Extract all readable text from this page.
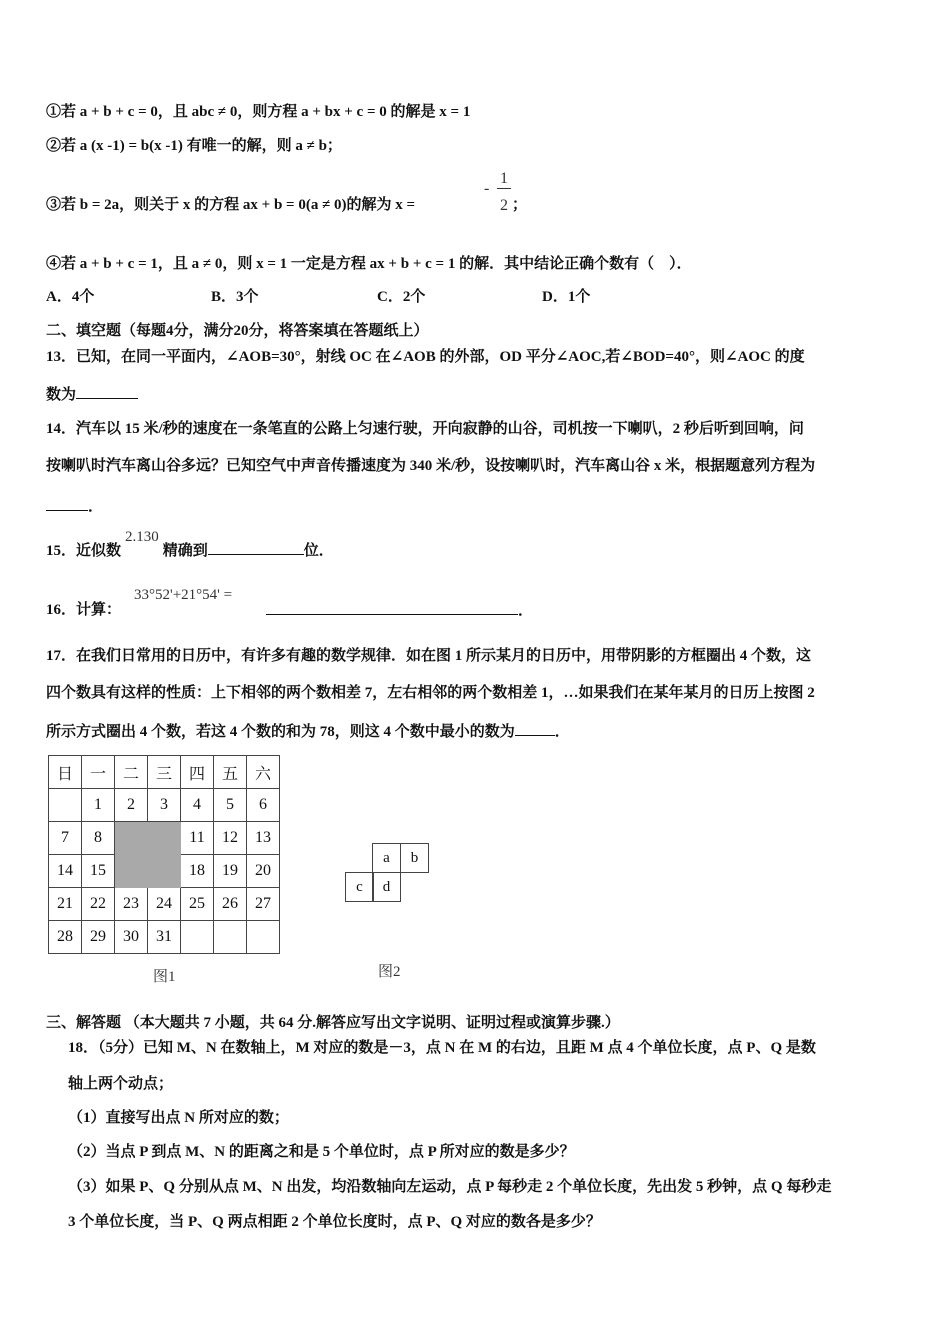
①若 a + b + c = 0，且 abc ≠ 0，则方程 a + bx + c = 0 的解是 x = 1
②若 a (x -1) = b(x -1) 有唯一的解，则 a ≠ b；
③若 b = 2a，则关于 x 的方程 ax + b = 0(a ≠ 0)的解为 x =
-
1
2 ；
④若 a + b + c = 1，且 a ≠ 0，则 x = 1 一定是方程 ax + b + c = 1 的解．其中结论正确个数有（　）．
A．4个	B．3个	C．2个	D．1个
二、填空题（每题4分，满分20分，将答案填在答题纸上）
13．已知，在同一平面内，∠AOB=30°，射线 OC 在∠AOB 的外部，OD 平分∠AOC,若∠BOD=40°，则∠AOC 的度
数为
14．汽车以 15 米/秒的速度在一条笔直的公路上匀速行驶，开向寂静的山谷，司机按一下喇叭，2 秒后听到回响，问
按喇叭时汽车离山谷多远？已知空气中声音传播速度为 340 米/秒，设按喇叭时，汽车离山谷 x 米，根据题意列方程为
．
15．近似数2.130精确到	位．
16．计算：
33°52'+21°54' =
．
17．在我们日常用的日历中，有许多有趣的数学规律．如在图 1 所示某月的日历中，用带阴影的方框圈出 4 个数，这
四个数具有这样的性质：上下相邻的两个数相差 7，左右相邻的两个数相差 1，…如果我们在某年某月的日历上按图 2
所示方式圈出 4 个数，若这 4 个数的和为 78，则这 4 个数中最小的数为	．
日	一	二	三	四	五	六
	1	2	3	4	5	6
7	8			11	12	13
14	15			18	19	20
21	22	23	24	25	26	27
28	29	30	31			
图1
a	b
c	d
图2
三、解答题 （本大题共 7 小题，共 64 分.解答应写出文字说明、证明过程或演算步骤.）
18．（5分）已知 M、N 在数轴上，M 对应的数是－3，点 N 在 M 的右边，且距 M 点 4 个单位长度，点 P、Q 是数
轴上两个动点；
（1）直接写出点 N 所对应的数；
（2）当点 P 到点 M、N 的距离之和是 5 个单位时，点 P 所对应的数是多少？
（3）如果 P、Q 分别从点 M、N 出发，均沿数轴向左运动，点 P 每秒走 2 个单位长度，先出发 5 秒钟，点 Q 每秒走
3 个单位长度，当 P、Q 两点相距 2 个单位长度时，点 P、Q 对应的数各是多少？
